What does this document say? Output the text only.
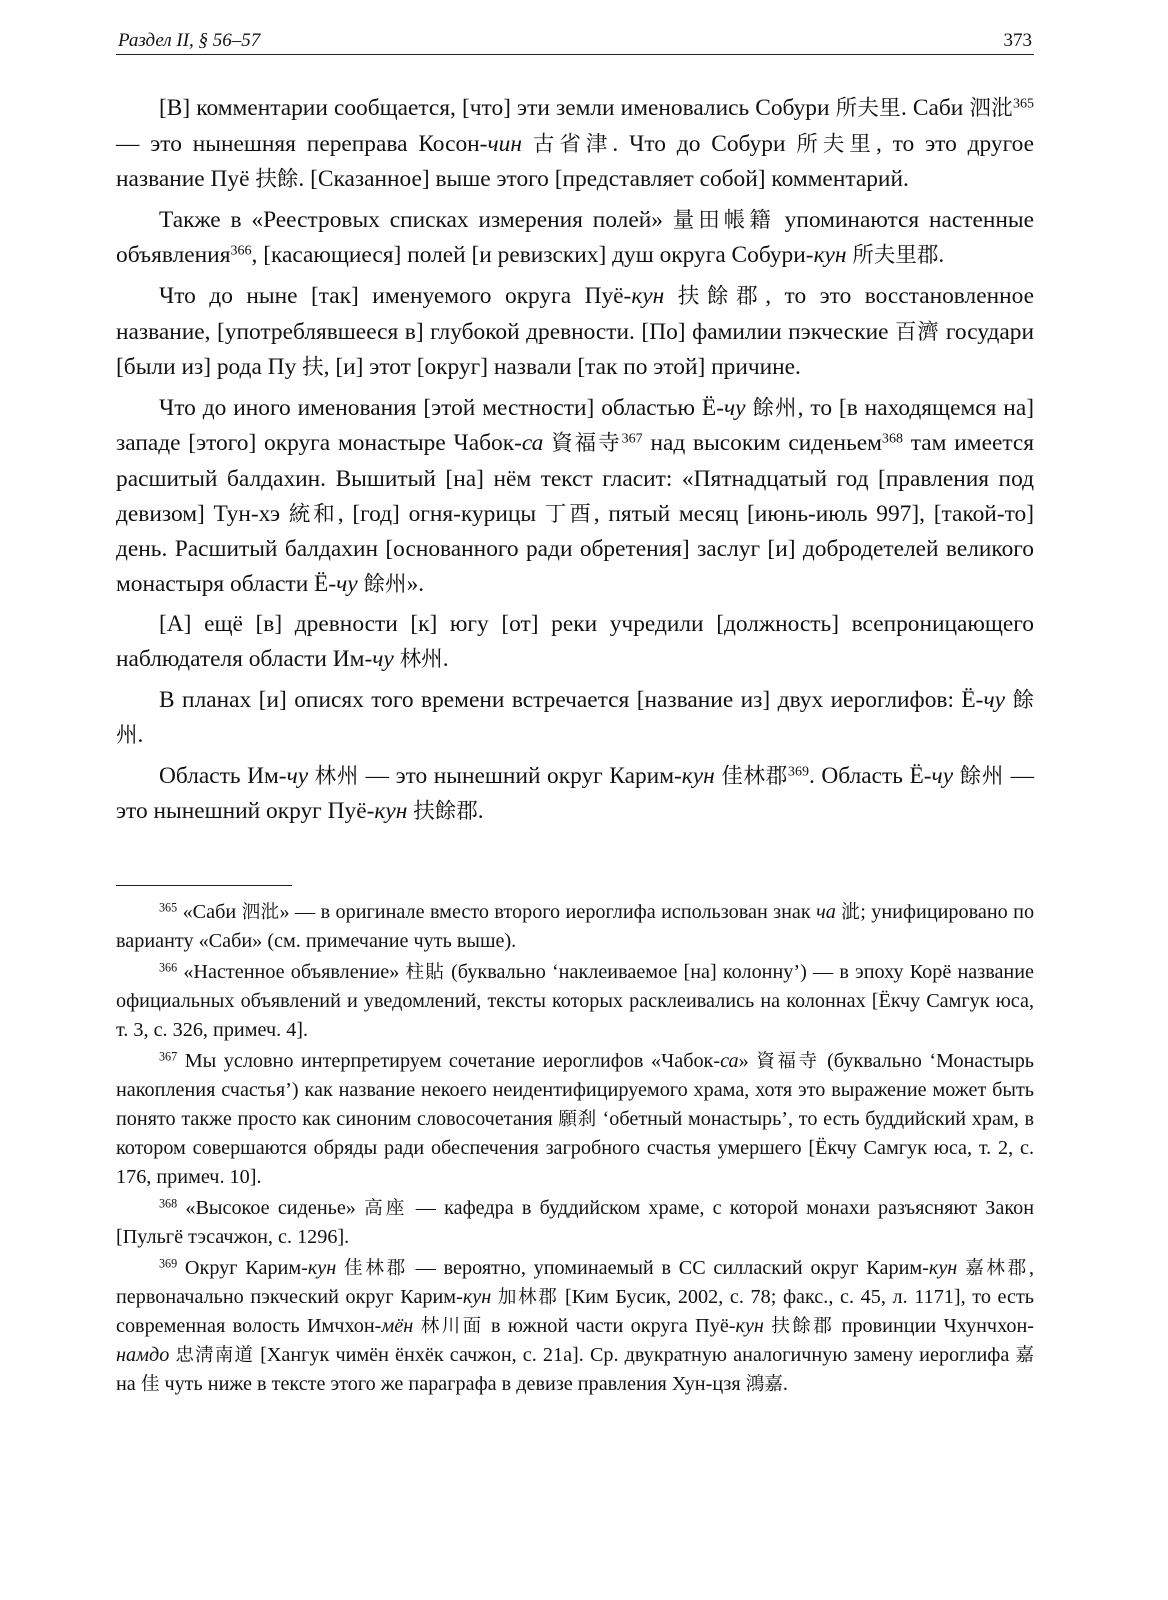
Раздел II, § 56–57	373

[В] комментарии сообщается, [что] эти земли именовались Собури 所夫里. Саби 泗沘$^{365}$ — это нынешняя переправа Косон-чин 古省津. Что до Собури 所夫里, то это другое название Пуё 扶餘. [Сказанное] выше этого [представляет собой] комментарий.

Также в «Реестровых списках измерения полей» 量田帳籍 упоминаются настенные объявления$^{366}$, [касающиеся] полей [и ревизских] душ округа Собури-кун 所夫里郡.

Что до ныне [так] именуемого округа Пуё-кун 扶餘郡, то это восстановленное название, [употреблявшееся в] глубокой древности. [По] фамилии пэкческие 百濟 государи [были из] рода Пу 扶, [и] этот [округ] назвали [так по этой] причине.

Что до иного именования [этой местности] областью Ё-чу 餘州, то [в находящемся на] западе [этого] округа монастыре Чабок-са 資福寺$^{367}$ над высоким сиденьем$^{368}$ там имеется расшитый балдахин. Вышитый [на] нём текст гласит: «Пятнадцатый год [правления под девизом] Тун-хэ 統和, [год] огня-курицы 丁酉, пятый месяц [июнь-июль 997], [такой-то] день. Расшитый балдахин [основанного ради обретения] заслуг [и] добродетелей великого монастыря области Ё-чу 餘州».

[А] ещё [в] древности [к] югу [от] реки учредили [должность] всепроницающего наблюдателя области Им-чу 林州.

В планах [и] описях того времени встречается [название из] двух иероглифов: Ё-чу 餘州.

Область Им-чу 林州 — это нынешний округ Карим-кун 佳林郡$^{369}$. Область Ё-чу 餘州 — это нынешний округ Пуё-кун 扶餘郡.

$^{365}$ «Саби 泗沘» — в оригинале вместо второго иероглифа использован знак ча 泚; унифицировано по варианту «Саби» (см. примечание чуть выше).

$^{366}$ «Настенное объявление» 柱貼 (буквально ‘наклеиваемое [на] колонну’) — в эпоху Корё название официальных объявлений и уведомлений, тексты которых расклеивались на колоннах [Ёкчу Самгук юса, т. 3, с. 326, примеч. 4].

$^{367}$ Мы условно интерпретируем сочетание иероглифов «Чабок-са» 資福寺 (буквально ‘Монастырь накопления счастья’) как название некоего неидентифицируемого храма, хотя это выражение может быть понято также просто как синоним словосочетания 願刹 ‘обетный монастырь’, то есть буддийский храм, в котором совершаются обряды ради обеспечения загробного счастья умершего [Ёкчу Самгук юса, т. 2, с. 176, примеч. 10].

$^{368}$ «Высокое сиденье» 高座 — кафедра в буддийском храме, с которой монахи разъясняют Закон [Пульгё тэсачжон, с. 1296].

$^{369}$ Округ Карим-кун 佳林郡 — вероятно, упоминаемый в СС силлаский округ Карим-кун 嘉林郡, первоначально пэкческий округ Карим-кун 加林郡 [Ким Бусик, 2002, с. 78; факс., с. 45, л. 1171], то есть современная волость Имчхон-мён 林川面 в южной части округа Пуё-кун 扶餘郡 провинции Чхунчхон-намдо 忠淸南道 [Хангук чимён ёнхёк сачжон, с. 21а]. Ср. двукратную аналогичную замену иероглифа 嘉 на 佳 чуть ниже в тексте этого же параграфа в девизе правления Хун-цзя 鴻嘉.
